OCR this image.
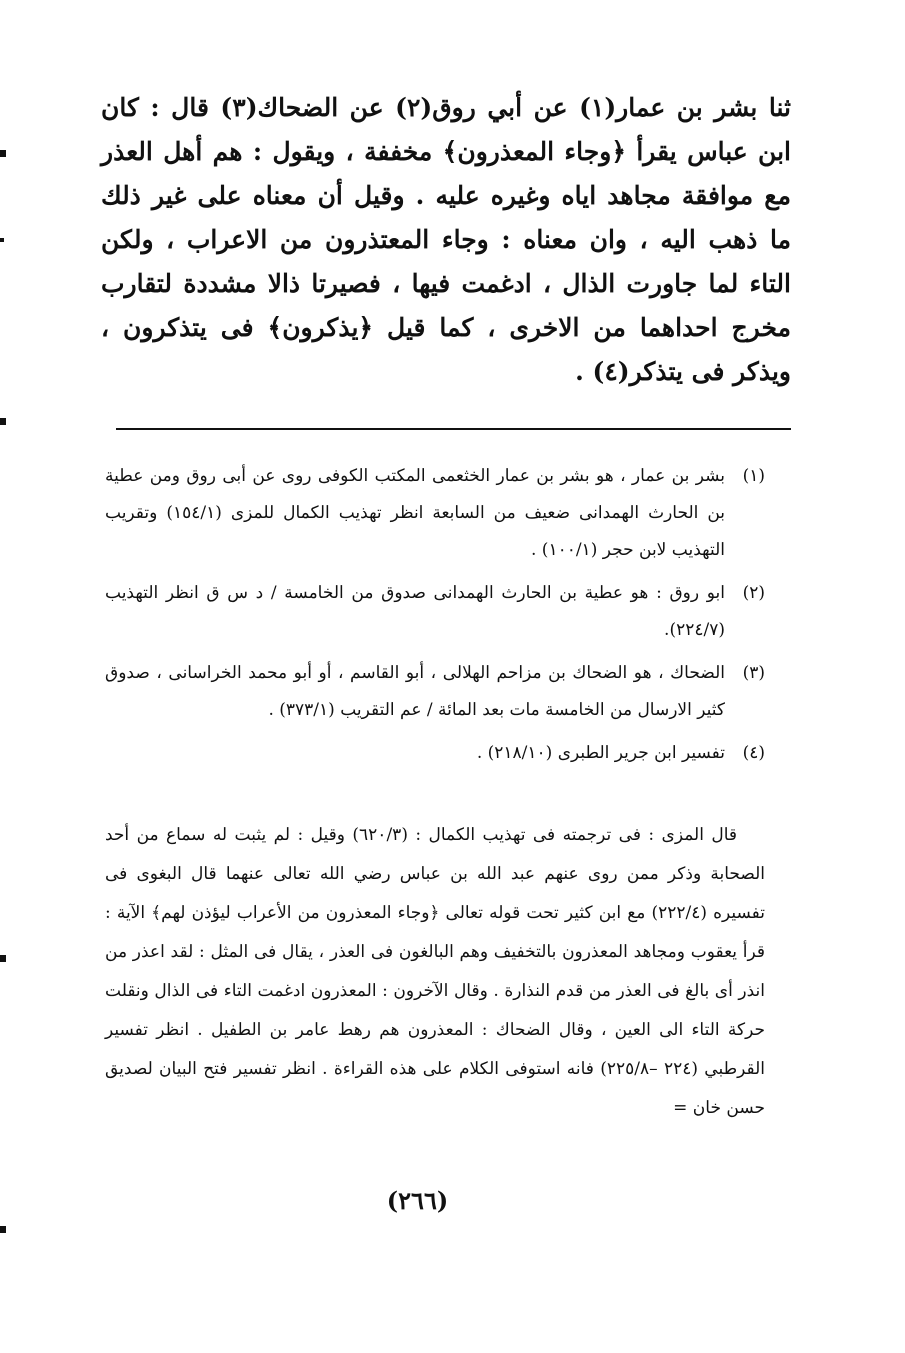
ثنا بشر بن عمار(١) عن أبي روق(٢) عن الضحاك(٣) قال : كان ابن عباس يقرأ ﴿وجاء المعذرون﴾ مخففة ، ويقول : هم أهل العذر مع موافقة مجاهد اياه وغيره عليه . وقيل أن معناه على غير ذلك ما ذهب اليه ، وان معناه : وجاء المعتذرون من الاعراب ، ولكن التاء لما جاورت الذال ، ادغمت فيها ، فصيرتا ذالا مشددة لتقارب مخرج احداهما من الاخرى ، كما قيل ﴿يذكرون﴾ فى يتذكرون ، ويذكر فى يتذكر(٤) .

(١)
بشر بن عمار ، هو بشر بن عمار الخثعمى المكتب الكوفى روى عن أبى روق ومن عطية بن الحارث الهمدانى ضعيف من السابعة انظر تهذيب الكمال للمزى (١٥٤/١) وتقريب التهذيب لابن حجر (١٠٠/١) .
(٢)
ابو روق : هو عطية بن الحارث الهمدانى صدوق من الخامسة / د س ق انظر التهذيب (٢٢٤/٧).
(٣)
الضحاك ، هو الضحاك بن مزاحم الهلالى ، أبو القاسم ، أو أبو محمد الخراسانى ، صدوق كثير الارسال من الخامسة مات بعد المائة / عم التقريب (٣٧٣/١) .
(٤)
تفسير ابن جرير الطبرى (٢١٨/١٠) .

قال المزى : فى ترجمته فى تهذيب الكمال : (٦٢٠/٣) وقيل : لم يثبت له سماع من أحد الصحابة وذكر ممن روى عنهم عبد الله بن عباس رضي الله تعالى عنهما قال البغوى فى تفسيره (٢٢٢/٤) مع ابن كثير تحت قوله تعالى ﴿وجاء المعذرون من الأعراب ليؤذن لهم﴾ الآية : قرأ يعقوب ومجاهد المعذرون بالتخفيف وهم البالغون فى العذر ، يقال فى المثل : لقد اعذر من انذر أى بالغ فى العذر من قدم النذارة . وقال الآخرون : المعذرون ادغمت التاء فى الذال ونقلت حركة التاء الى العين ، وقال الضحاك : المعذرون هم رهط عامر بن الطفيل . انظر تفسير القرطبي (٢٢٤ –٢٢٥/٨) فانه استوفى الكلام على هذه القراءة . انظر تفسير فتح البيان لصديق حسن خان =

(٢٦٦)
